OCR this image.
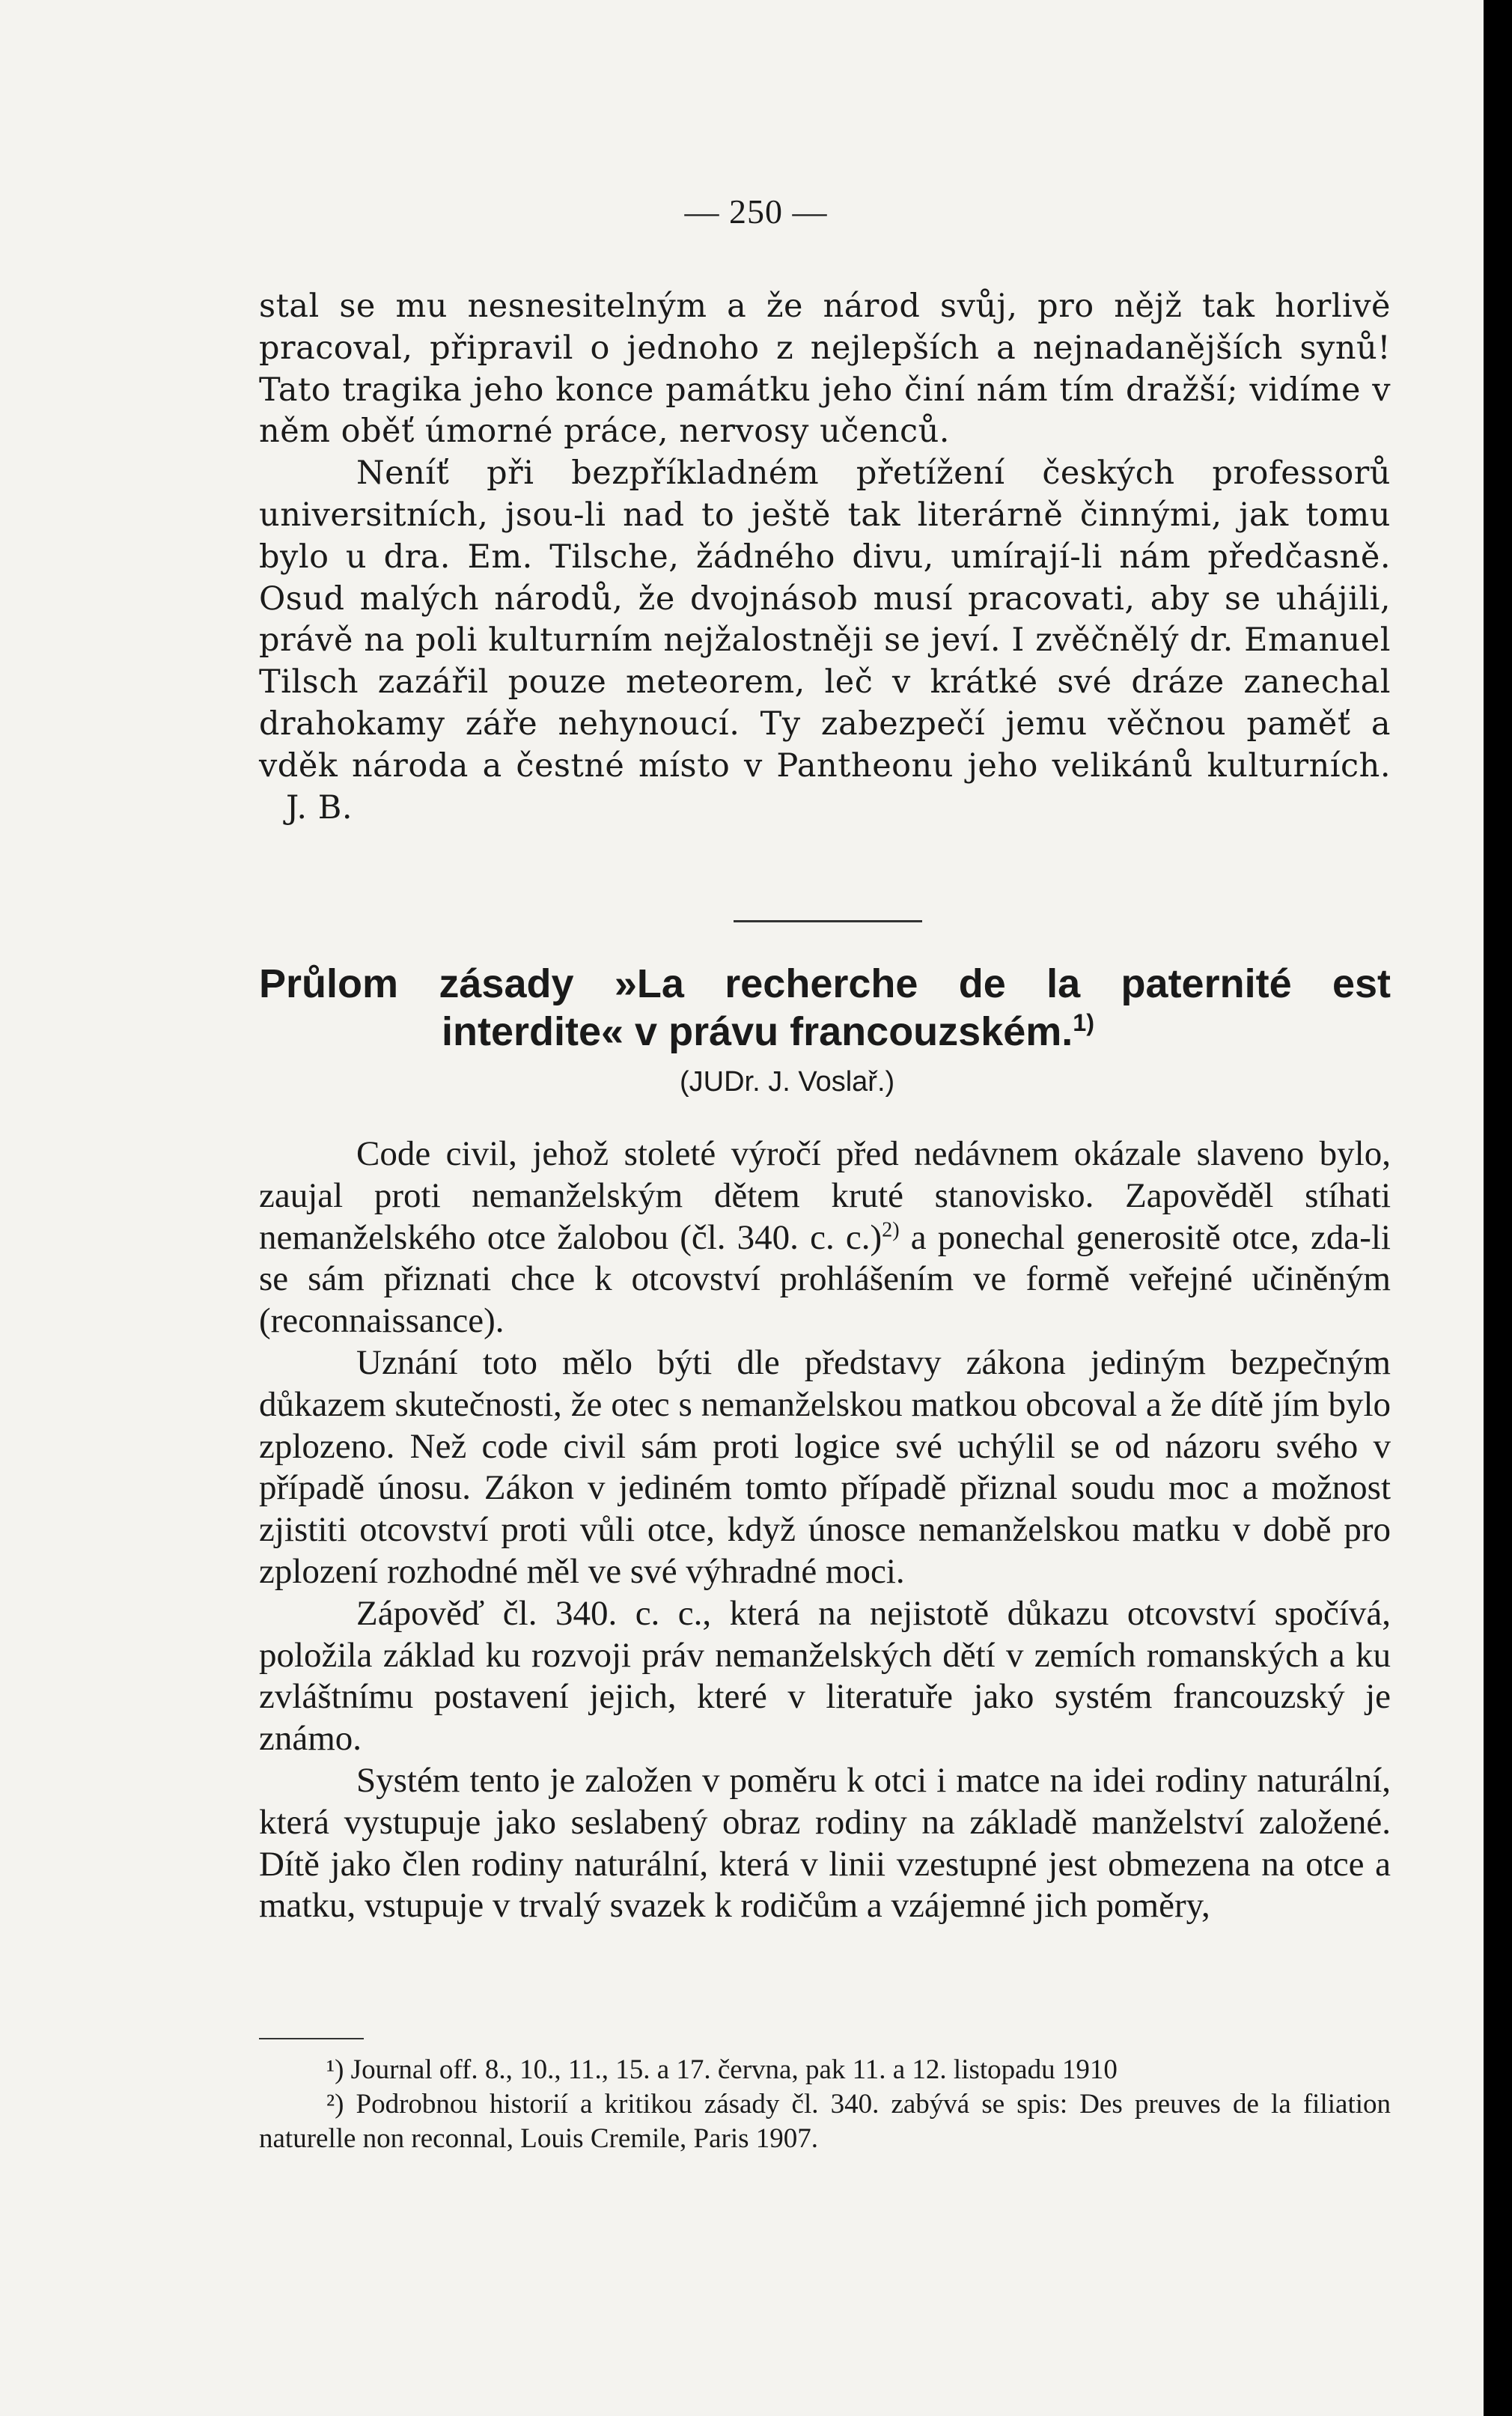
— 250 —

stal se mu nesnesitelným a že národ svůj, pro nějž tak horlivě pracoval, připravil o jednoho z nejlepších a nejnadanějších synů! Tato tragika jeho konce památku jeho činí nám tím dražší; vidíme v něm oběť úmorné práce, nervosy učenců.

Neníť při bezpříkladném přetížení českých professorů universitních, jsou-li nad to ještě tak literárně činnými, jak tomu bylo u dra. Em. Tilsche, žádného divu, umírají-li nám předčasně. Osud malých národů, že dvojnásob musí pracovati, aby se uhájili, právě na poli kulturním nejžalostněji se jeví. I zvěčnělý dr. Emanuel Tilsch zazářil pouze meteorem, leč v krátké své dráze zanechal drahokamy záře nehynoucí. Ty zabezpečí jemu věčnou paměť a vděk národa a čestné místo v Pantheonu jeho velikánů kulturních. J. B.

Průlom zásady »La recherche de la paternité est
interdite« v právu francouzském.$^{1)}$
(JUDr. J. Voslař.)

Code civil, jehož stoleté výročí před nedávnem okázale slaveno bylo, zaujal proti nemanželským dětem kruté stanovisko. Zapověděl stíhati nemanželského otce žalobou (čl. 340. c. c.)$^{2)}$ a ponechal generositě otce, zda-li se sám přiznati chce k otcovství prohlášením ve formě veřejné učiněným (reconnaissance).

Uznání toto mělo býti dle představy zákona jediným bezpečným důkazem skutečnosti, že otec s nemanželskou matkou obcoval a že dítě jím bylo zplozeno. Než code civil sám proti logice své uchýlil se od názoru svého v případě únosu. Zákon v jediném tomto případě přiznal soudu moc a možnost zjistiti otcovství proti vůli otce, když únosce nemanželskou matku v době pro zplození rozhodné měl ve své výhradné moci.

Zápověď čl. 340. c. c., která na nejistotě důkazu otcovství spočívá, položila základ ku rozvoji práv nemanželských dětí v zemích romanských a ku zvláštnímu postavení jejich, které v literatuře jako systém francouzský je známo.

Systém tento je založen v poměru k otci i matce na idei rodiny naturální, která vystupuje jako seslabený obraz rodiny na základě manželství založené. Dítě jako člen rodiny naturální, která v linii vzestupné jest obmezena na otce a matku, vstupuje v trvalý svazek k rodičům a vzájemné jich poměry,

¹) Journal off. 8., 10., 11., 15. a 17. června, pak 11. a 12. listopadu 1910

²) Podrobnou historií a kritikou zásady čl. 340. zabývá se spis: Des preuves de la filiation naturelle non reconnal, Louis Cremile, Paris 1907.
